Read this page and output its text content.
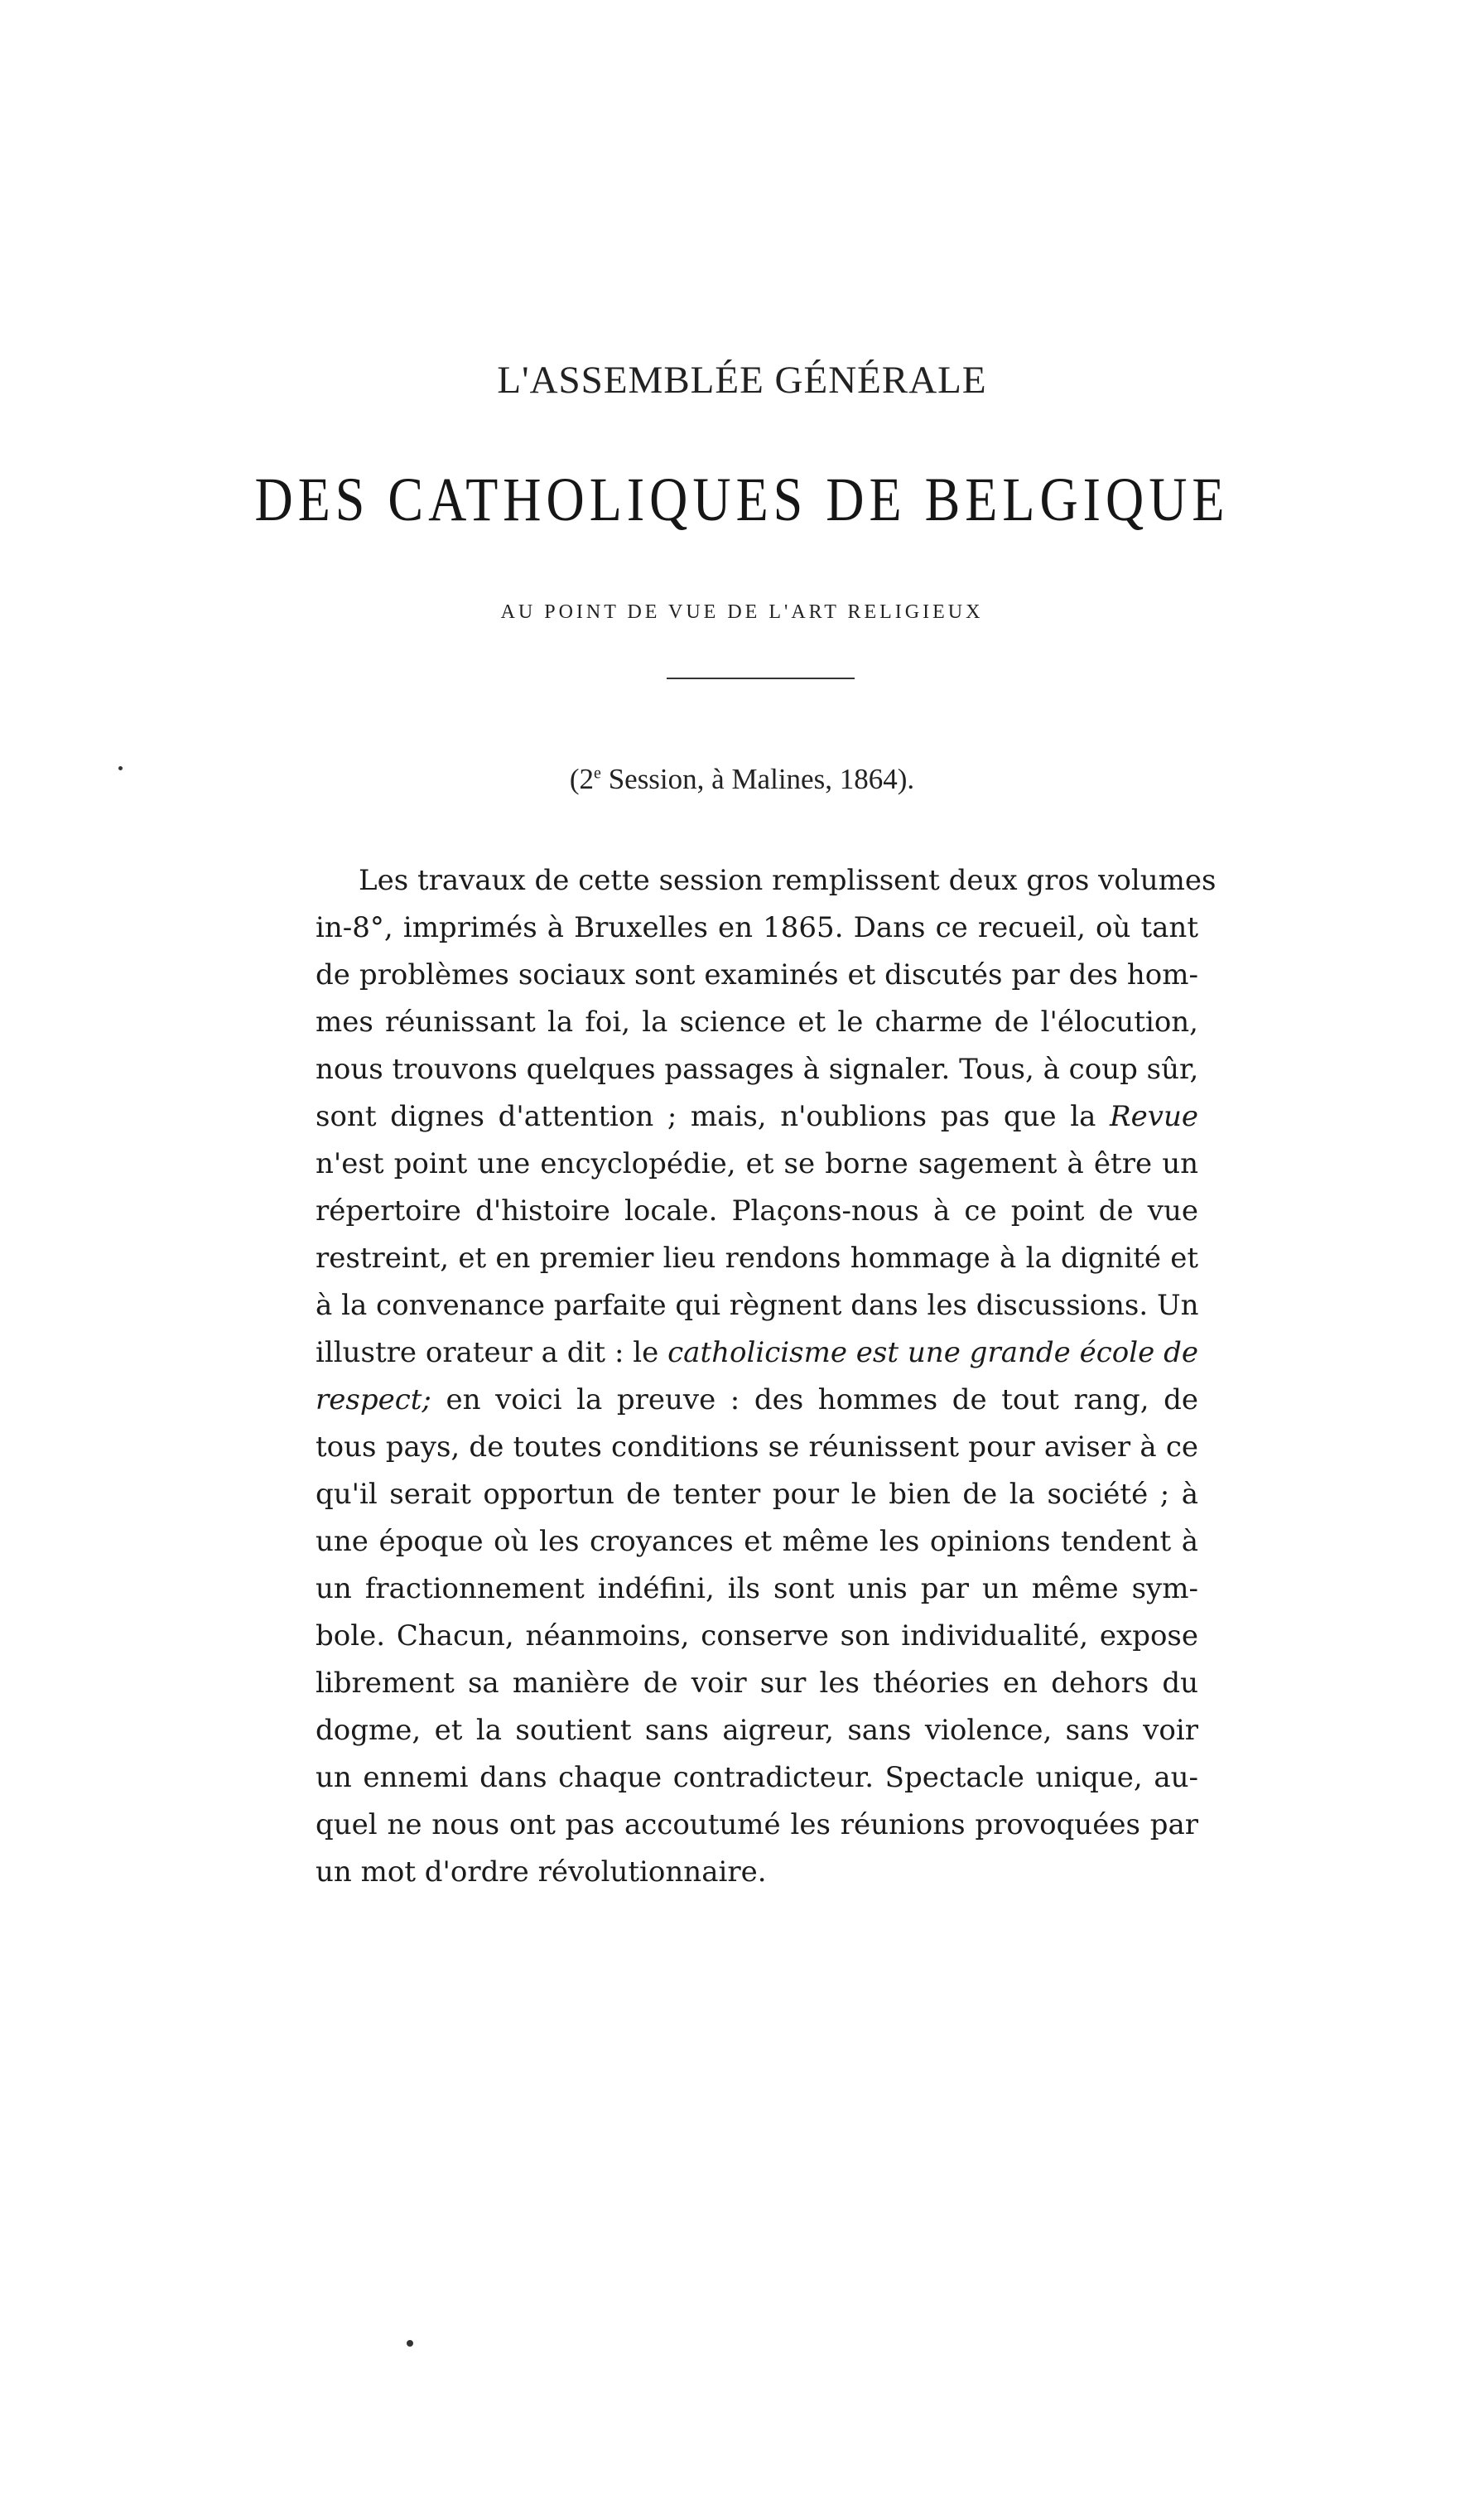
L'ASSEMBLÉE GÉNÉRALE
DES CATHOLIQUES DE BELGIQUE
AU POINT DE VUE DE L'ART RELIGIEUX
(2e Session, à Malines, 1864).
Les travaux de cette session remplissent deux gros volumes
in-8°, imprimés à Bruxelles en 1865. Dans ce recueil, où tant
de problèmes sociaux sont examinés et discutés par des hom-
mes réunissant la foi, la science et le charme de l'élocution,
nous trouvons quelques passages à signaler. Tous, à coup sûr,
sont dignes d'attention ; mais, n'oublions pas que la Revue
n'est point une encyclopédie, et se borne sagement à être un
répertoire d'histoire locale. Plaçons-nous à ce point de vue
restreint, et en premier lieu rendons hommage à la dignité et
à la convenance parfaite qui règnent dans les discussions. Un
illustre orateur a dit : le catholicisme est une grande école de
respect; en voici la preuve : des hommes de tout rang, de
tous pays, de toutes conditions se réunissent pour aviser à ce
qu'il serait opportun de tenter pour le bien de la société ; à
une époque où les croyances et même les opinions tendent à
un fractionnement indéfini, ils sont unis par un même sym-
bole. Chacun, néanmoins, conserve son individualité, expose
librement sa manière de voir sur les théories en dehors du
dogme, et la soutient sans aigreur, sans violence, sans voir
un ennemi dans chaque contradicteur. Spectacle unique, au-
quel ne nous ont pas accoutumé les réunions provoquées par
un mot d'ordre révolutionnaire.
